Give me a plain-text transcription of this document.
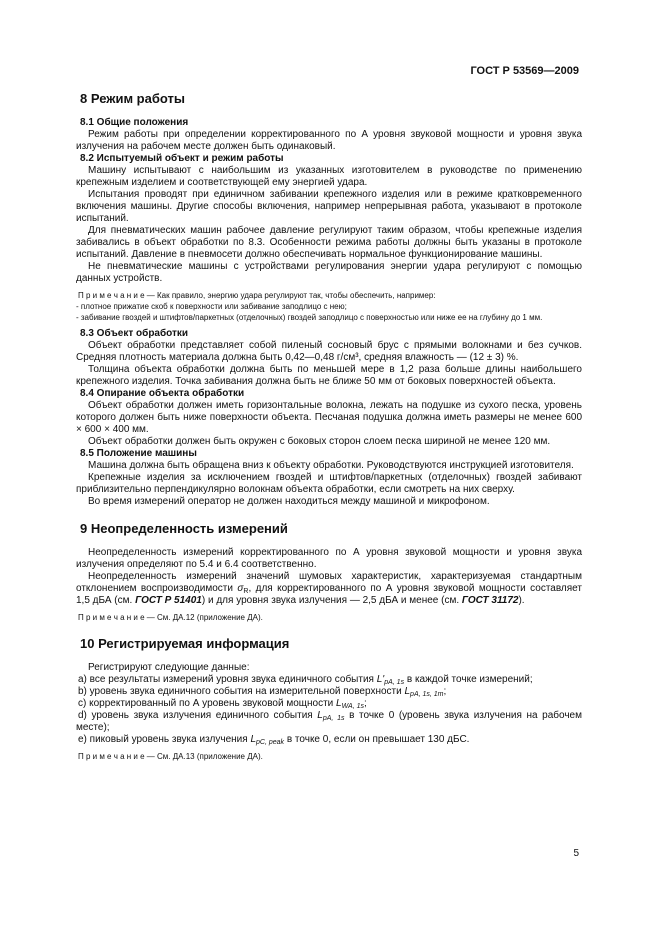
ГОСТ Р 53569—2009
8 Режим работы
8.1 Общие положения

Режим работы при определении корректированного по А уровня звуковой мощности и уровня звука излучения на рабочем месте должен быть одинаковый.

8.2 Испытуемый объект и режим работы

Машину испытывают с наибольшим из указанных изготовителем в руководстве по применению крепежным изделием и соответствующей ему энергией удара.

Испытания проводят при единичном забивании крепежного изделия или в режиме кратковременного включения машины. Другие способы включения, например непрерывная работа, указывают в протоколе испытаний.

Для пневматических машин рабочее давление регулируют таким образом, чтобы крепежные изделия забивались в объект обработки по 8.3. Особенности режима работы должны быть указаны в протоколе испытаний. Давление в пневмосети должно обеспечивать нормальное функционирование машины.

Не пневматические машины с устройствами регулирования энергии удара регулируют с помощью данных устройств.

П р и м е ч а н и е — Как правило, энергию удара регулируют так, чтобы обеспечить, например:

- плотное прижатие скоб к поверхности или забивание заподлицо с нею;

- забивание гвоздей и штифтов/паркетных (отделочных) гвоздей заподлицо с поверхностью или ниже ее на глубину до 1 мм.

8.3 Объект обработки

Объект обработки представляет собой пиленый сосновый брус с прямыми волокнами и без сучков. Средняя плотность материала должна быть 0,42—0,48 г/см³, средняя влажность — (12 ± 3) %.

Толщина объекта обработки должна быть по меньшей мере в 1,2 раза больше длины наибольшего крепежного изделия. Точка забивания должна быть не ближе 50 мм от боковых поверхностей объекта.

8.4 Опирание объекта обработки

Объект обработки должен иметь горизонтальные волокна, лежать на подушке из сухого песка, уровень которого должен быть ниже поверхности объекта. Песчаная подушка должна иметь размеры не менее 600 × 600 × 400 мм.

Объект обработки должен быть окружен с боковых сторон слоем песка шириной не менее 120 мм.

8.5 Положение машины

Машина должна быть обращена вниз к объекту обработки. Руководствуются инструкцией изготовителя.

Крепежные изделия за исключением гвоздей и штифтов/паркетных (отделочных) гвоздей забивают приблизительно перпендикулярно волокнам объекта обработки, если смотреть на них сверху.

Во время измерений оператор не должен находиться между машиной и микрофоном.

9 Неопределенность измерений

Неопределенность измерений корректированного по А уровня звуковой мощности и уровня звука излучения определяют по 5.4 и 6.4 соответственно.

Неопределенность измерений значений шумовых характеристик, характеризуемая стандартным отклонением воспроизводимости $\sigma_R$, для корректированного по А уровня звуковой мощности составляет 1,5 дБА (см. ГОСТ Р 51401) и для уровня звука излучения — 2,5 дБА и менее (см. ГОСТ 31172).

П р и м е ч а н и е — См. ДА.12 (приложение ДА).

10 Регистрируемая информация

Регистрируют следующие данные:

a) все результаты измерений уровня звука единичного события $L'_{pA, 1s}$ в каждой точке измерений;

b) уровень звука единичного события на измерительной поверхности $L_{pA, 1s, 1m}$;

c) корректированный по А уровень звуковой мощности $L_{WA, 1s}$;

d) уровень звука излучения единичного события $L_{pA, 1s}$ в точке 0 (уровень звука излучения на рабочем месте);

e) пиковый уровень звука излучения $L_{pC, peak}$ в точке 0, если он превышает 130 дБС.

П р и м е ч а н и е — См. ДА.13 (приложение ДА).

5
